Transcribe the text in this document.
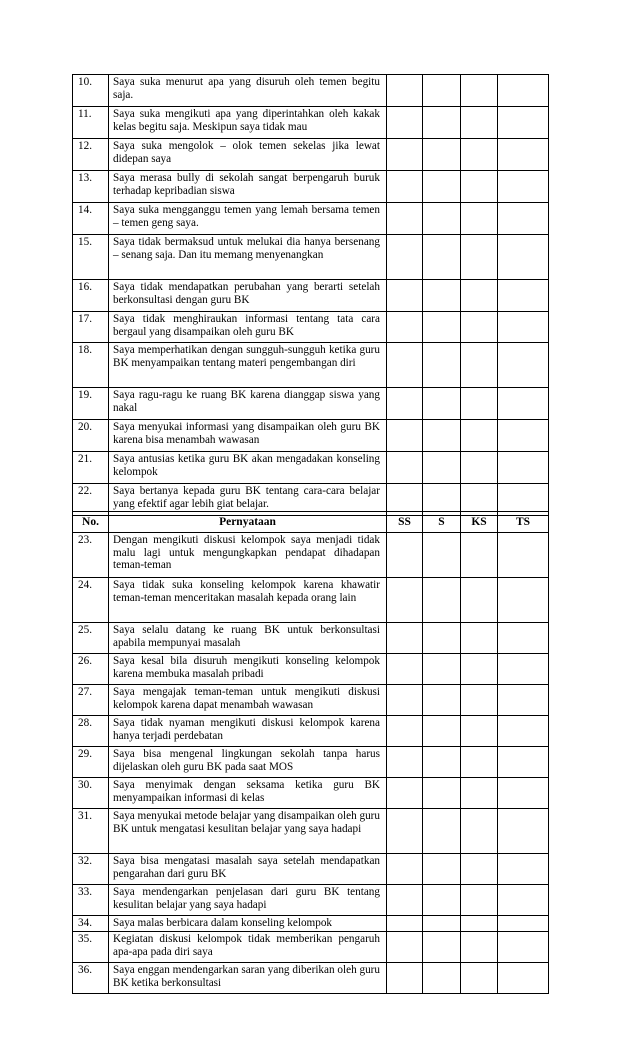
10.	Saya suka menurut apa yang disuruh oleh temen begitu saja.				
11.	Saya suka mengikuti apa yang diperintahkan oleh kakak kelas begitu saja. Meskipun saya tidak mau				
12.	Saya suka mengolok – olok temen sekelas jika lewat didepan saya				
13.	Saya merasa bully di sekolah sangat berpengaruh buruk terhadap kepribadian siswa				
14.	Saya suka mengganggu temen yang lemah bersama temen – temen geng saya.				
15.	Saya tidak bermaksud untuk melukai dia hanya bersenang – senang saja. Dan itu memang menyenangkan				
16.	Saya tidak mendapatkan perubahan yang berarti setelah berkonsultasi dengan guru BK				
17.	Saya tidak menghiraukan informasi tentang tata cara bergaul yang disampaikan oleh guru BK				
18.	Saya memperhatikan dengan sungguh-sungguh ketika guru BK menyampaikan tentang materi pengembangan diri				
19.	Saya ragu-ragu ke ruang BK karena dianggap siswa yang nakal				
20.	Saya menyukai informasi yang disampaikan oleh guru BK karena bisa menambah wawasan				
21.	Saya antusias ketika guru BK akan mengadakan konseling kelompok				
22.	Saya bertanya kepada guru BK tentang cara-cara belajar yang efektif agar lebih giat belajar.				
No.	Pernyataan	SS	S	KS	TS
23.	Dengan mengikuti diskusi kelompok saya menjadi tidak malu lagi untuk mengungkapkan pendapat dihadapan teman-teman				
24.	Saya tidak suka konseling kelompok karena khawatir teman-teman menceritakan masalah kepada orang lain				
25.	Saya selalu datang ke ruang BK untuk berkonsultasi apabila mempunyai masalah				
26.	Saya kesal bila disuruh mengikuti konseling kelompok karena membuka masalah pribadi				
27.	Saya mengajak teman-teman untuk mengikuti diskusi kelompok karena dapat menambah wawasan				
28.	Saya tidak nyaman mengikuti diskusi kelompok karena hanya terjadi perdebatan				
29.	Saya bisa mengenal lingkungan sekolah tanpa harus dijelaskan oleh guru BK pada saat MOS				
30.	Saya menyimak dengan seksama ketika guru BK menyampaikan informasi di kelas				
31.	Saya menyukai metode belajar yang disampaikan oleh guru BK untuk mengatasi kesulitan belajar yang saya hadapi				
32.	Saya bisa mengatasi masalah saya setelah mendapatkan pengarahan dari guru BK				
33.	Saya mendengarkan penjelasan dari guru BK tentang kesulitan belajar yang saya hadapi				
34.	Saya malas berbicara dalam konseling kelompok				
35.	Kegiatan diskusi kelompok tidak memberikan pengaruh apa-apa pada diri saya				
36.	Saya enggan mendengarkan saran yang diberikan oleh guru BK ketika berkonsultasi				
